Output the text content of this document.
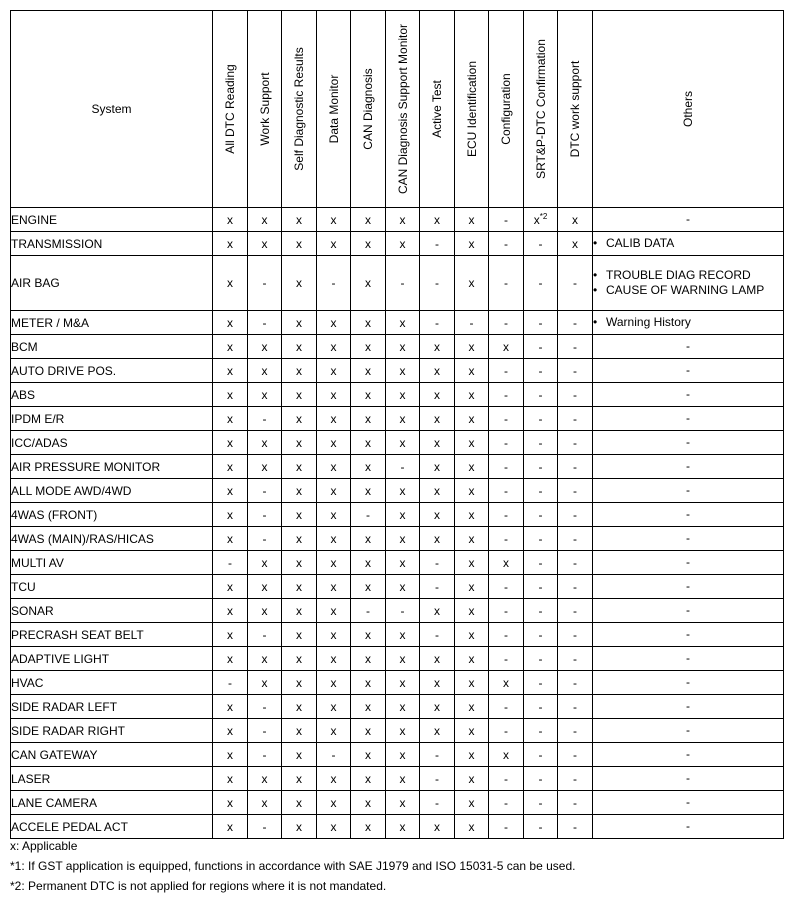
System	All DTC Reading	Work Support	Self Diagnostic Results	Data Monitor	CAN Diagnosis	CAN Diagnosis Support Monitor	Active Test	ECU Identification	Configuration	SRT&P-DTC Confirmation	DTC work support	Others

ENGINE	x	x	x	x	x	x	x	x	-	$x^{*2}$	x	-
TRANSMISSION	x	x	x	x	x	x	-	x	-	-	x	• CALIB DATA

AIR BAG	x	-	x	-	x	-	-	x	-	-	-	• TROUBLE DIAG RECORD
• CAUSE OF WARNING LAMP

METER / M&A	x	-	x	x	x	x	-	-	-	-	-	• Warning History

BCM	x	x	x	x	x	x	x	x	x	-	-	-
AUTO DRIVE POS.	x	x	x	x	x	x	x	x	-	-	-	-
ABS	x	x	x	x	x	x	x	x	-	-	-	-
IPDM E/R	x	-	x	x	x	x	x	x	-	-	-	-
ICC/ADAS	x	x	x	x	x	x	x	x	-	-	-	-
AIR PRESSURE MONITOR	x	x	x	x	x	-	x	x	-	-	-	-
ALL MODE AWD/4WD	x	-	x	x	x	x	x	x	-	-	-	-
4WAS (FRONT)	x	-	x	x	-	x	x	x	-	-	-	-
4WAS (MAIN)/RAS/HICAS	x	-	x	x	x	x	x	x	-	-	-	-
MULTI AV	-	x	x	x	x	x	-	x	x	-	-	-
TCU	x	x	x	x	x	x	-	x	-	-	-	-
SONAR	x	x	x	x	-	-	x	x	-	-	-	-
PRECRASH SEAT BELT	x	-	x	x	x	x	-	x	-	-	-	-
ADAPTIVE LIGHT	x	x	x	x	x	x	x	x	-	-	-	-
HVAC	-	x	x	x	x	x	x	x	x	-	-	-
SIDE RADAR LEFT	x	-	x	x	x	x	x	x	-	-	-	-
SIDE RADAR RIGHT	x	-	x	x	x	x	x	x	-	-	-	-
CAN GATEWAY	x	-	x	-	x	x	-	x	x	-	-	-
LASER	x	x	x	x	x	x	-	x	-	-	-	-
LANE CAMERA	x	x	x	x	x	x	-	x	-	-	-	-
ACCELE PEDAL ACT	x	-	x	x	x	x	x	x	-	-	-	-
x: Applicable
*1: If GST application is equipped, functions in accordance with SAE J1979 and ISO 15031-5 can be used.
*2: Permanent DTC is not applied for regions where it is not mandated.
